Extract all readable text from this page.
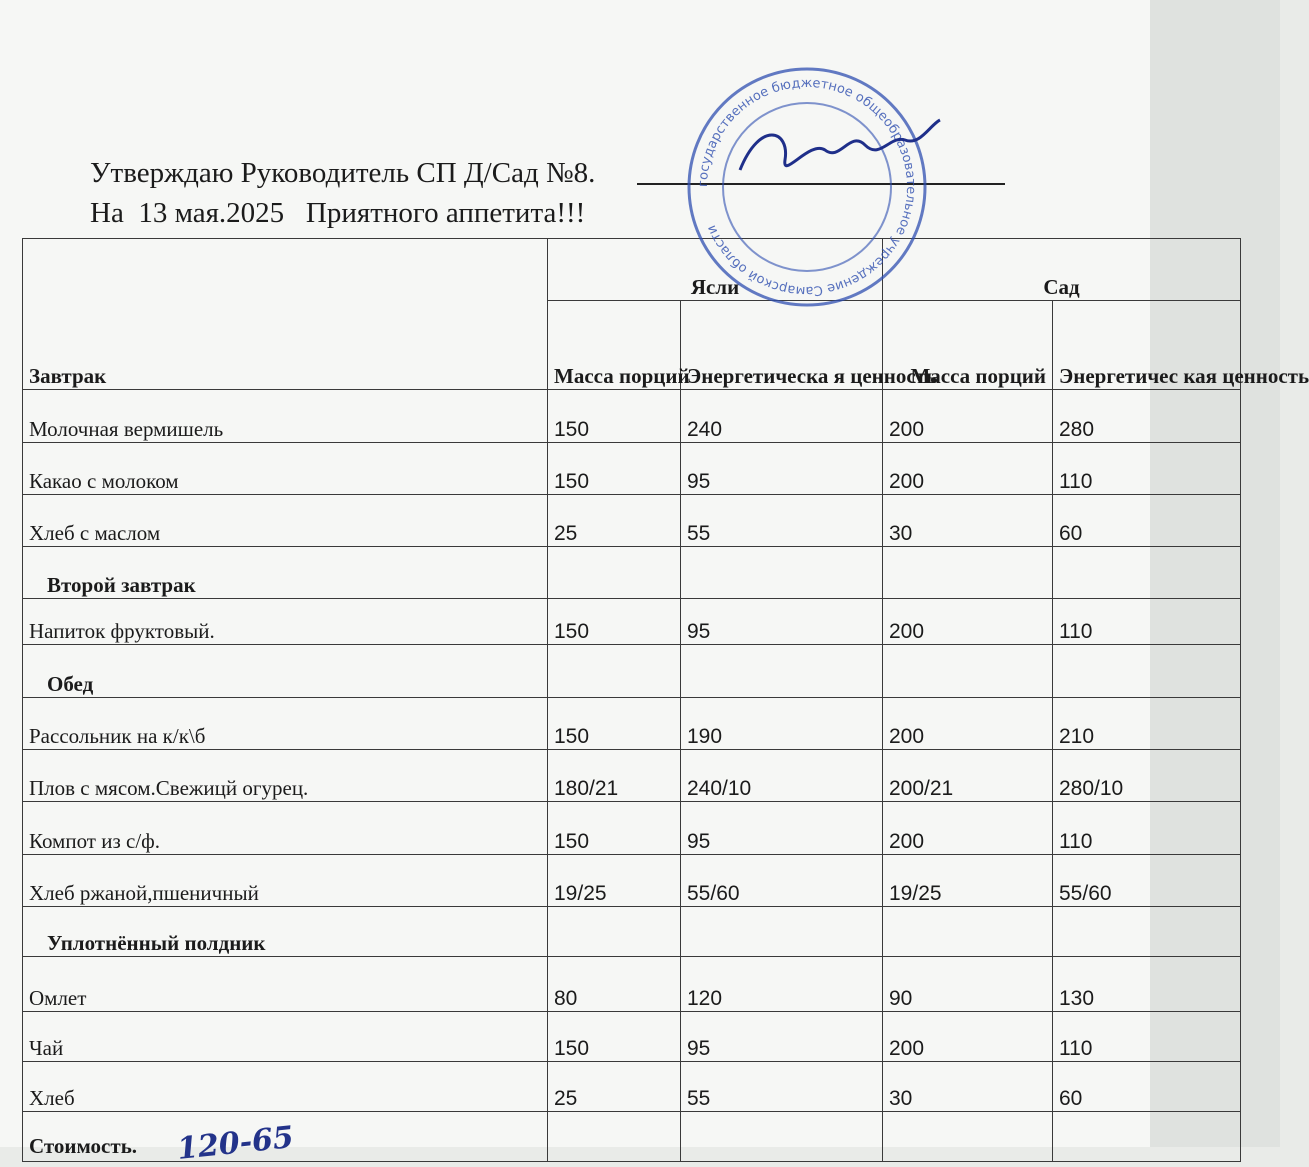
Утверждаю Руководитель СП Д/Сад №8.
На  13 мая.2025   Приятного аппетита!!!
Завтрак	Ясли		Сад	
	Масса порций	Энергетическа я ценность	Масса порций	Энергетичес кая ценность
Молочная вермишель	150	240	200	280
Какао с молоком	150	95	200	110
Хлеб с маслом	25	55	30	60
Второй завтрак				
Напиток фруктовый.	150	95	200	110
Обед				
Рассольник на к/к\б	150	190	200	210
Плов с мясом.Свежицй огурец.	180/21	240/10	200/21	280/10
Компот из с/ф.	150	95	200	110
Хлеб ржаной,пшеничный	19/25	55/60	19/25	55/60
Уплотнённый полдник				
Омлет	80	120	90	130
Чай	150	95	200	110
Хлеб	25	55	30	60
Стоимость. 120-65				
государственное бюджетное общеобразовательное учреждение Самарской области
